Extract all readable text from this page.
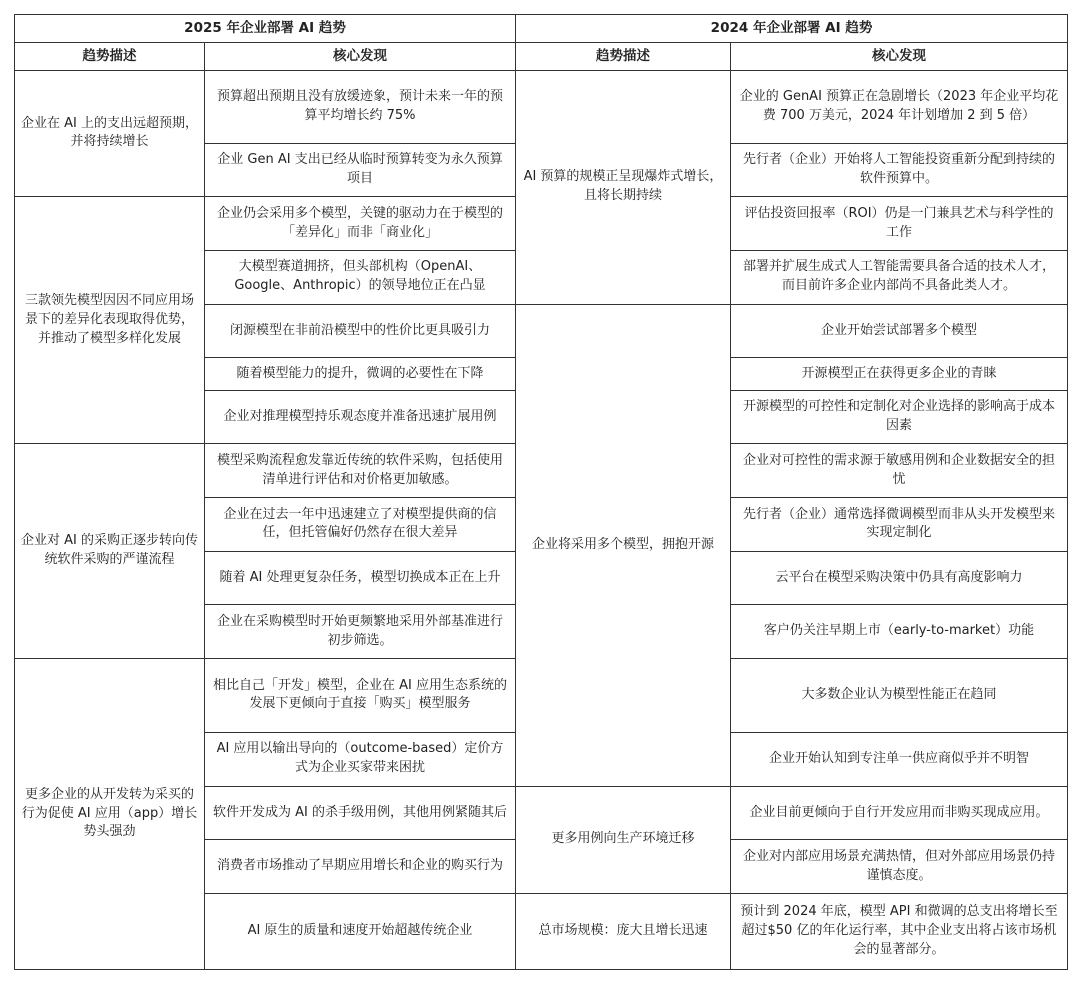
2025 年企业部署 AI 趋势		2024 年企业部署 AI 趋势	
趋势描述	核心发现	趋势描述	核心发现
企业在 AI 上的支出远超预期，并将持续增长	预算超出预期且没有放缓迹象，预计未来一年的预算平均增长约 75%	AI 预算的规模正呈现爆炸式增长，且将长期持续	企业的 GenAI 预算正在急剧增长（2023 年企业平均花费 700 万美元，2024 年计划增加 2 到 5 倍）
	企业 Gen AI 支出已经从临时预算转变为永久预算项目		先行者（企业）开始将人工智能投资重新分配到持续的软件预算中。
三款领先模型因因不同应用场景下的差异化表现取得优势，并推动了模型多样化发展	企业仍会采用多个模型，关键的驱动力在于模型的「差异化」而非「商业化」		评估投资回报率（ROI）仍是一门兼具艺术与科学性的工作
	大模型赛道拥挤，但头部机构（OpenAI、Google、Anthropic）的领导地位正在凸显		部署并扩展生成式人工智能需要具备合适的技术人才，而目前许多企业内部尚不具备此类人才。
	闭源模型在非前沿模型中的性价比更具吸引力	企业将采用多个模型，拥抱开源	企业开始尝试部署多个模型
	随着模型能力的提升，微调的必要性在下降		开源模型正在获得更多企业的青睐
	企业对推理模型持乐观态度并准备迅速扩展用例		开源模型的可控性和定制化对企业选择的影响高于成本因素
企业对 AI 的采购正逐步转向传统软件采购的严谨流程	模型采购流程愈发靠近传统的软件采购，包括使用清单进行评估和对价格更加敏感。		企业对可控性的需求源于敏感用例和企业数据安全的担忧
	企业在过去一年中迅速建立了对模型提供商的信任，但托管偏好仍然存在很大差异		先行者（企业）通常选择微调模型而非从头开发模型来实现定制化
	随着 AI 处理更复杂任务，模型切换成本正在上升		云平台在模型采购决策中仍具有高度影响力
	企业在采购模型时开始更频繁地采用外部基准进行初步筛选。		客户仍关注早期上市（early-to-market）功能
更多企业的从开发转为采买的行为促使 AI 应用（app）增长势头强劲	相比自己「开发」模型，企业在 AI 应用生态系统的发展下更倾向于直接「购买」模型服务		大多数企业认为模型性能正在趋同
	AI 应用以输出导向的（outcome-based）定价方式为企业买家带来困扰		企业开始认知到专注单一供应商似乎并不明智
	软件开发成为 AI 的杀手级用例，其他用例紧随其后	更多用例向生产环境迁移	企业目前更倾向于自行开发应用而非购买现成应用。
	消费者市场推动了早期应用增长和企业的购买行为		企业对内部应用场景充满热情，但对外部应用场景仍持谨慎态度。
	AI 原生的质量和速度开始超越传统企业	总市场规模：庞大且增长迅速	预计到 2024 年底，模型 API 和微调的总支出将增长至超过$50 亿的年化运行率，其中企业支出将占该市场机会的显著部分。
